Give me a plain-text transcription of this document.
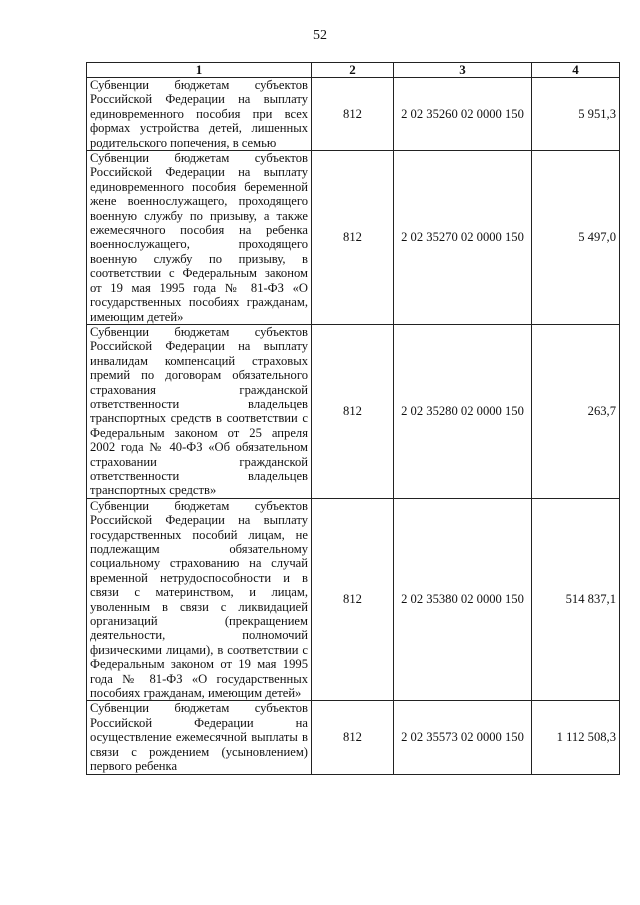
52
1	2	3	4
Субвенции бюджетам субъектов Российской Федерации на выплату единовременного пособия при всех формах устройства детей, лишенных родительского попечения, в семью	812	2 02 35260 02 0000 150	5 951,3
Субвенции бюджетам субъектов Российской Федерации на выплату единовременного пособия беременной жене военнослужащего, проходящего военную службу по призыву, а также ежемесячного пособия на ребенка военнослужащего, проходящего военную службу по призыву, в соответствии с Федеральным законом от 19 мая 1995 года № 81-ФЗ «О государственных пособиях гражданам, имеющим детей»	812	2 02 35270 02 0000 150	5 497,0
Субвенции бюджетам субъектов Российской Федерации на выплату инвалидам компенсаций страховых премий по договорам обязательного страхования гражданской ответственности владельцев транспортных средств в соответствии с Федеральным законом от 25 апреля 2002 года № 40-ФЗ «Об обязательном страховании гражданской ответственности владельцев транспортных средств»	812	2 02 35280 02 0000 150	263,7
Субвенции бюджетам субъектов Российской Федерации на выплату государственных пособий лицам, не подлежащим обязательному социальному страхованию на случай временной нетрудоспособности и в связи с материнством, и лицам, уволенным в связи с ликвидацией организаций (прекращением деятельности, полномочий физическими лицами), в соответствии с Федеральным законом от 19 мая 1995 года № 81-ФЗ «О государственных пособиях гражданам, имеющим детей»	812	2 02 35380 02 0000 150	514 837,1
Субвенции бюджетам субъектов Российской Федерации на осуществление ежемесячной выплаты в связи с рождением (усыновлением) первого ребенка	812	2 02 35573 02 0000 150	1 112 508,3
